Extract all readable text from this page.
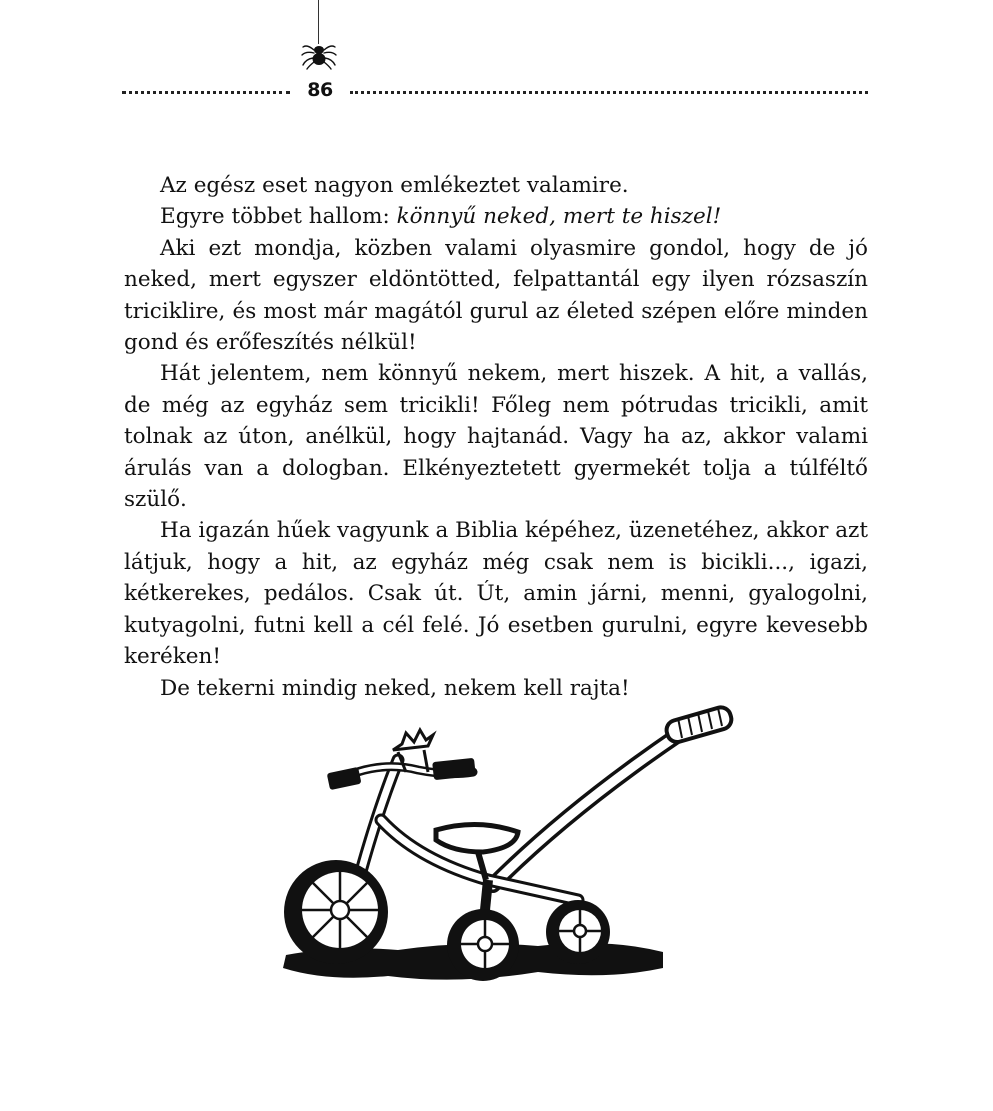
86

Az egész eset nagyon emlékeztet valamire.

Egyre többet hallom: könnyű neked, mert te hiszel!

Aki ezt mondja, közben valami olyasmire gondol, hogy de jó neked, mert egyszer eldöntötted, felpattantál egy ilyen rózsaszín triciklire, és most már magától gurul az életed szépen előre minden gond és erőfeszítés nélkül!

Hát jelentem, nem könnyű nekem, mert hiszek. A hit, a vallás, de még az egyház sem tricikli! Főleg nem pótrudas tricikli, amit tolnak az úton, anélkül, hogy hajtanád. Vagy ha az, akkor valami árulás van a dologban. Elkényeztetett gyermekét tolja a túlféltő szülő.

Ha igazán hűek vagyunk a Biblia képéhez, üzenetéhez, akkor azt látjuk, hogy a hit, az egyház még csak nem is bicikli..., igazi, kétkerekes, pedálos. Csak út. Út, amin járni, menni, gyalogolni, kutyagolni, futni kell a cél felé. Jó esetben gurulni, egyre kevesebb keréken!

De tekerni mindig neked, nekem kell rajta!
